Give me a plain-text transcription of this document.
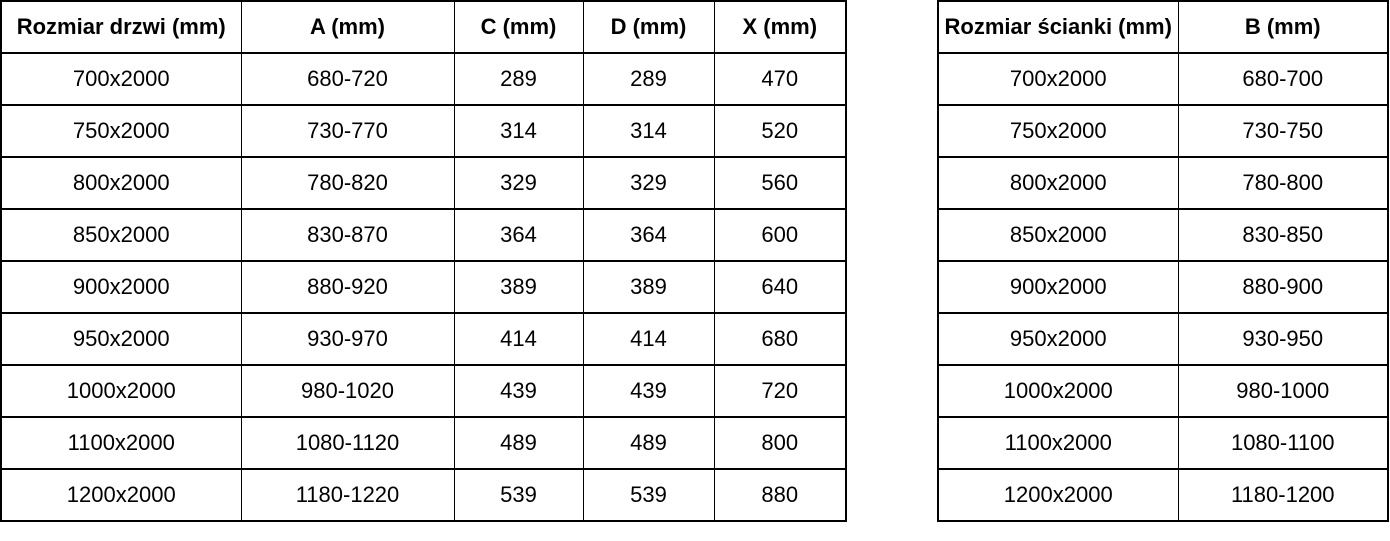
Rozmiar drzwi (mm)	A (mm)	C (mm)	D (mm)	X (mm)
700x2000	680-720	289	289	470
750x2000	730-770	314	314	520
800x2000	780-820	329	329	560
850x2000	830-870	364	364	600
900x2000	880-920	389	389	640
950x2000	930-970	414	414	680
1000x2000	980-1020	439	439	720
1100x2000	1080-1120	489	489	800
1200x2000	1180-1220	539	539	880
Rozmiar ścianki (mm)	B (mm)
700x2000	680-700
750x2000	730-750
800x2000	780-800
850x2000	830-850
900x2000	880-900
950x2000	930-950
1000x2000	980-1000
1100x2000	1080-1100
1200x2000	1180-1200
